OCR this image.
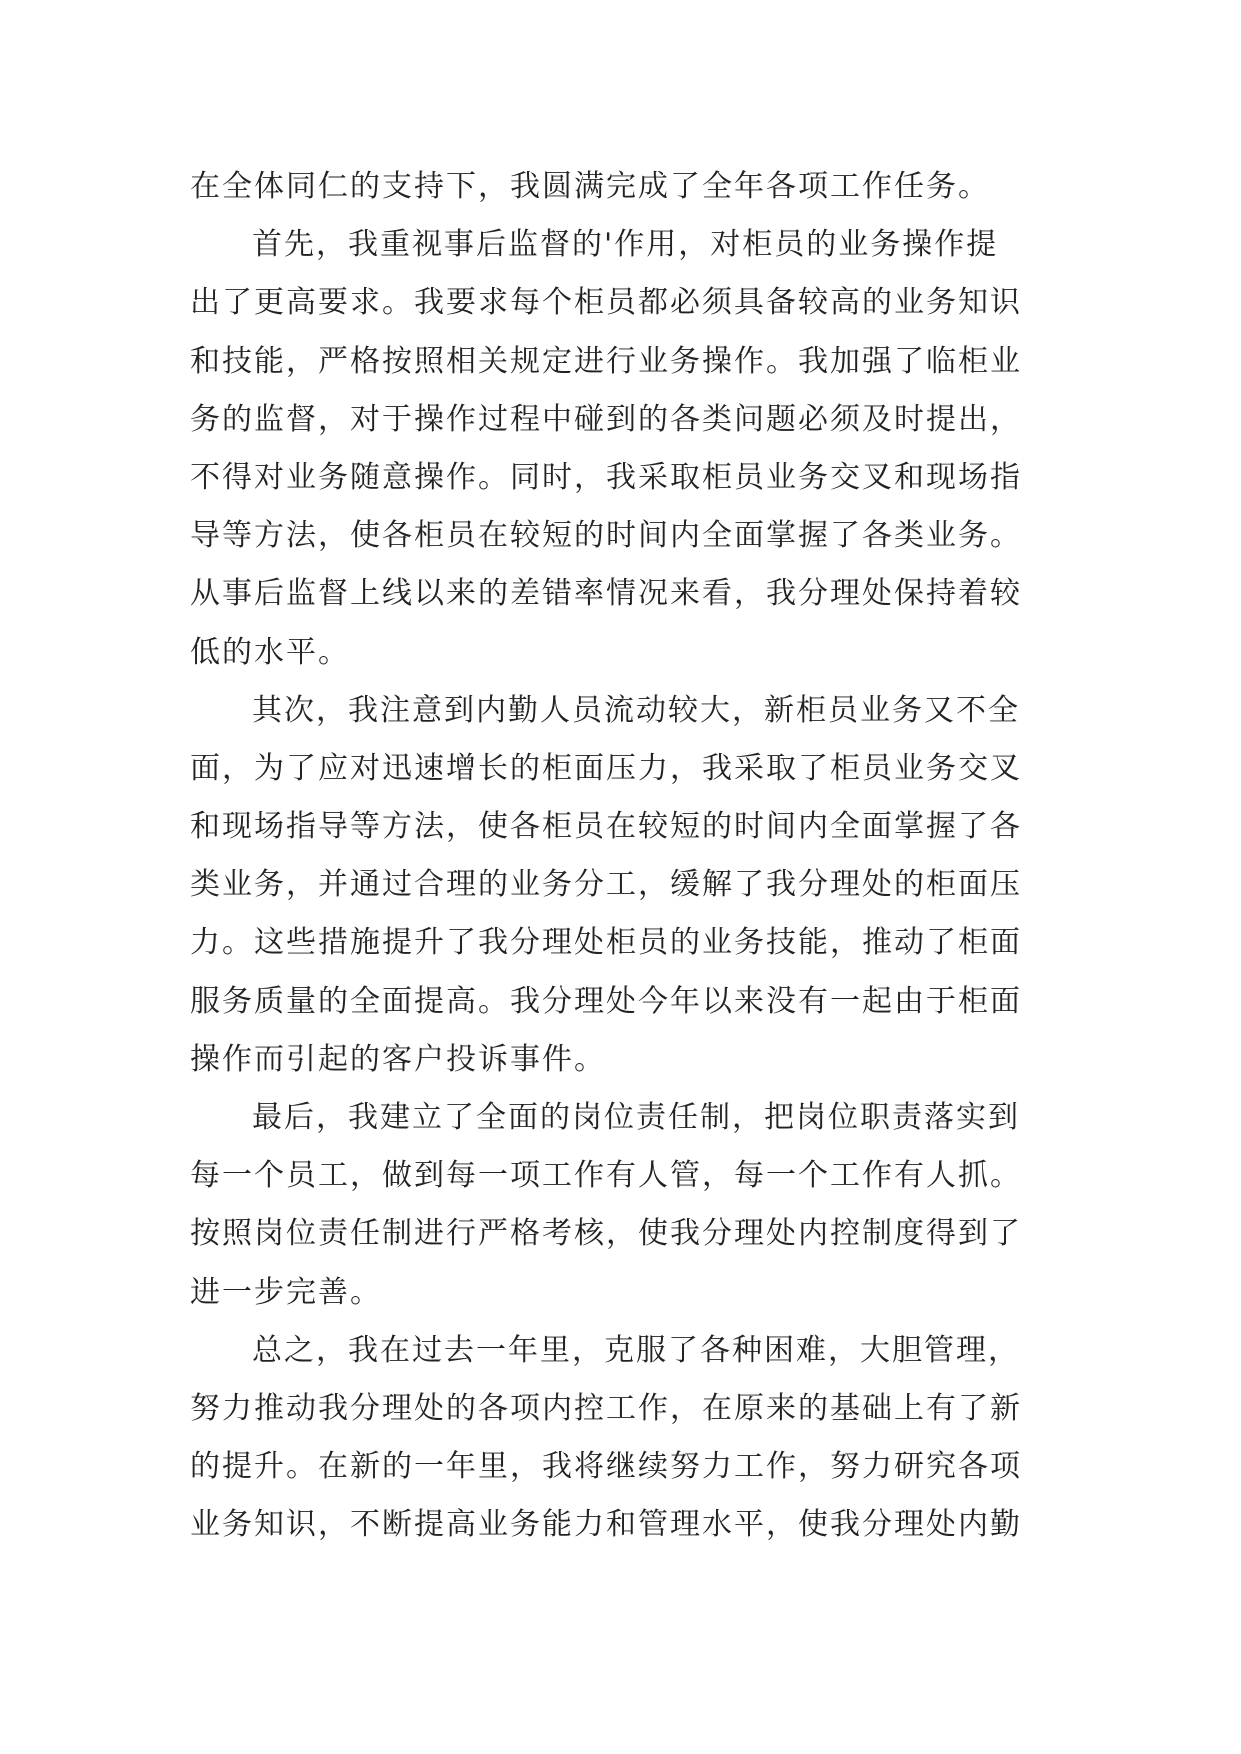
在全体同仁的支持下，我圆满完成了全年各项工作任务。
首先，我重视事后监督的'作用，对柜员的业务操作提
出了更高要求。我要求每个柜员都必须具备较高的业务知识
和技能，严格按照相关规定进行业务操作。我加强了临柜业
务的监督，对于操作过程中碰到的各类问题必须及时提出，
不得对业务随意操作。同时，我采取柜员业务交叉和现场指
导等方法，使各柜员在较短的时间内全面掌握了各类业务。
从事后监督上线以来的差错率情况来看，我分理处保持着较
低的水平。
其次，我注意到内勤人员流动较大，新柜员业务又不全
面，为了应对迅速增长的柜面压力，我采取了柜员业务交叉
和现场指导等方法，使各柜员在较短的时间内全面掌握了各
类业务，并通过合理的业务分工，缓解了我分理处的柜面压
力。这些措施提升了我分理处柜员的业务技能，推动了柜面
服务质量的全面提高。我分理处今年以来没有一起由于柜面
操作而引起的客户投诉事件。
最后，我建立了全面的岗位责任制，把岗位职责落实到
每一个员工，做到每一项工作有人管，每一个工作有人抓。
按照岗位责任制进行严格考核，使我分理处内控制度得到了
进一步完善。
总之，我在过去一年里，克服了各种困难，大胆管理，
努力推动我分理处的各项内控工作，在原来的基础上有了新
的提升。在新的一年里，我将继续努力工作，努力研究各项
业务知识，不断提高业务能力和管理水平，使我分理处内勤
